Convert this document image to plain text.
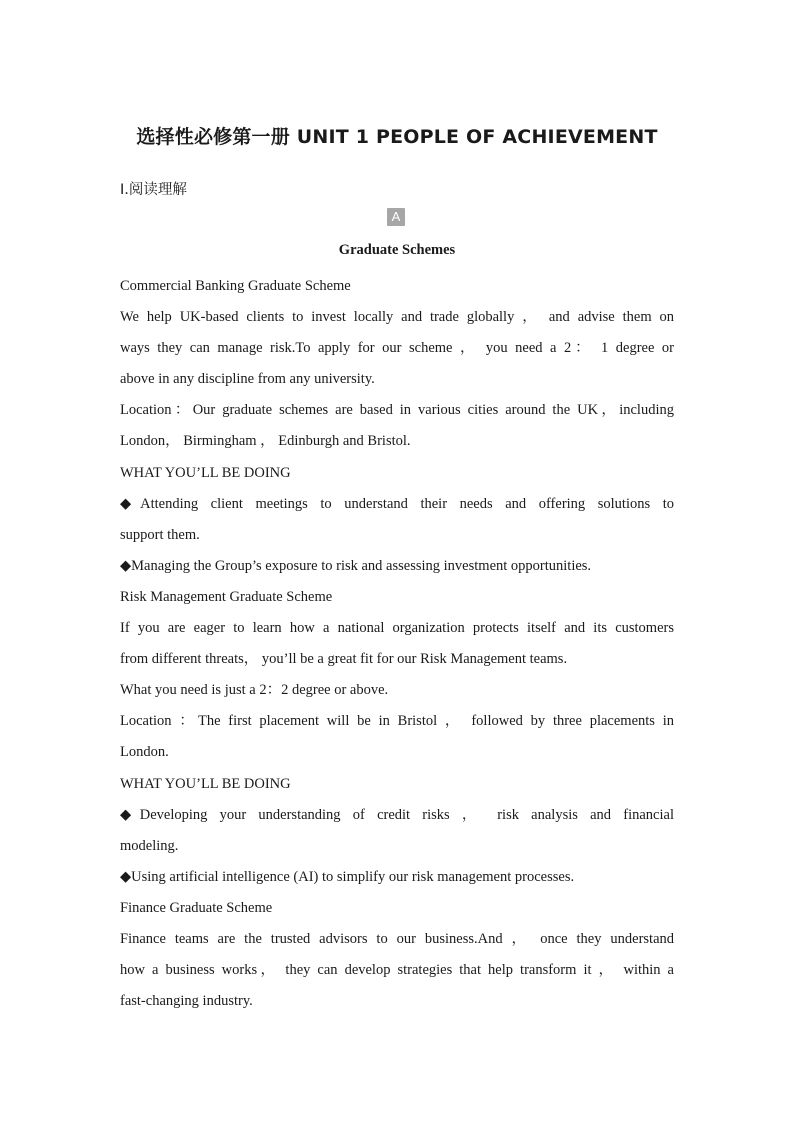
选择性必修第一册 UNIT 1 PEOPLE OF ACHIEVEMENT
Ⅰ.阅读理解
A
Graduate Schemes
Commercial Banking Graduate Scheme
We help UK-based clients to invest locally and trade globally ， and advise them on
ways they can manage risk.To apply for our scheme ， you need a 2： 1 degree or
above in any discipline from any university.
Location：Our graduate schemes are based in various cities around the UK，including
London， Birmingham ， Edinburgh and Bristol.
WHAT YOU’LL BE DOING
◆Attending client meetings to understand their needs and offering solutions to
support them.
◆Managing the Group’s exposure to risk and assessing investment opportunities.
Risk Management Graduate Scheme
If you are eager to learn how a national organization protects itself and its customers
from different threats， you’ll be a great fit for our Risk Management teams.
What you need is just a 2：2 degree or above.
Location ：The first placement will be in Bristol ， followed by three placements in
London.
WHAT YOU’LL BE DOING
◆Developing your understanding of credit risks ， risk analysis and financial
modeling.
◆Using artificial intelligence (AI) to simplify our risk management processes.
Finance Graduate Scheme
Finance teams are the trusted advisors to our business.And ， once they understand
how a business works， they can develop strategies that help transform it ， within a
fast-changing industry.
